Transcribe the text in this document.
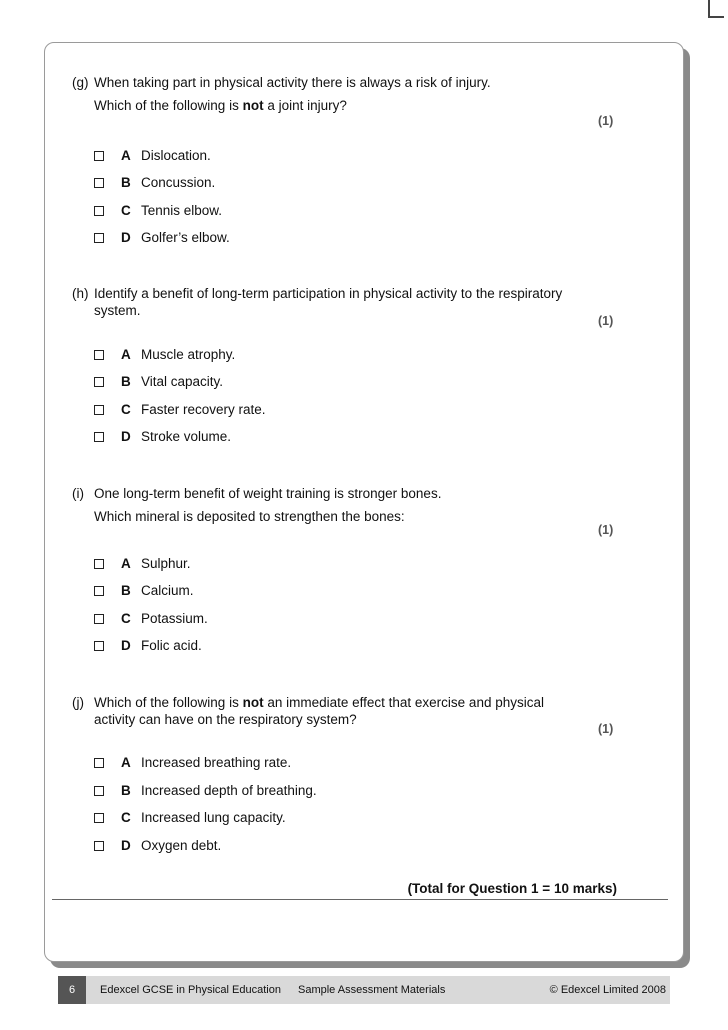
(g) When taking part in physical activity there is always a risk of injury.
Which of the following is not a joint injury?
(1)
A Dislocation.
B Concussion.
C Tennis elbow.
D Golfer’s elbow.
(h) Identify a benefit of long-term participation in physical activity to the respiratory
system.
(1)
A Muscle atrophy.
B Vital capacity.
C Faster recovery rate.
D Stroke volume.
(i) One long-term benefit of weight training is stronger bones.
Which mineral is deposited to strengthen the bones:
(1)
A Sulphur.
B Calcium.
C Potassium.
D Folic acid.
(j) Which of the following is not an immediate effect that exercise and physical
activity can have on the respiratory system?
(1)
A Increased breathing rate.
B Increased depth of breathing.
C Increased lung capacity.
D Oxygen debt.
(Total for Question 1 = 10 marks)
6	Edexcel GCSE in Physical Education Sample Assessment Materials	© Edexcel Limited 2008
